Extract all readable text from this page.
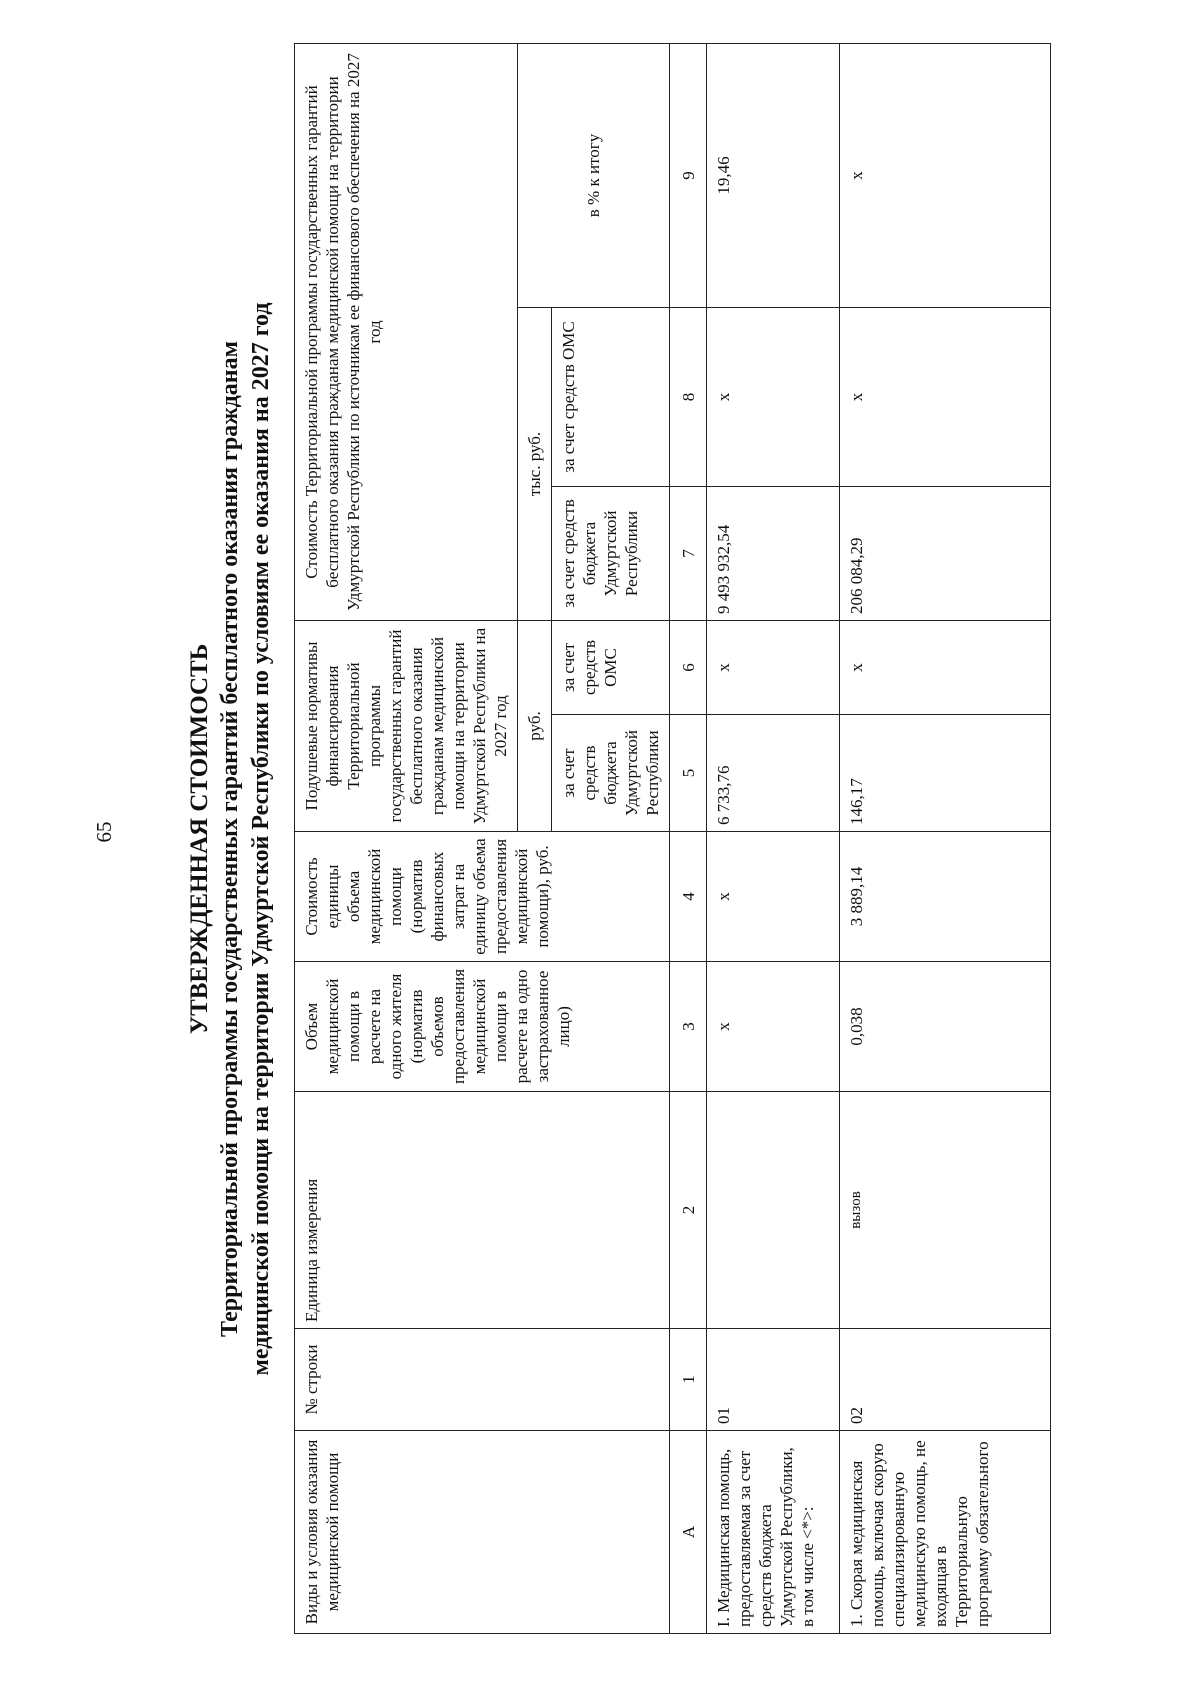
65	УТВЕРЖДЕННАЯ СТОИМОСТЬ Территориальной программы государственных гарантий бесплатного оказания гражданам медицинской помощи на территории Удмуртской Республики по условиям ее оказания на 2027 год
Виды и условия оказания медицинской помощи	№ строки	Единица измерения	Объем медицинской помощи в расчете на одного жителя (норматив объемов предоставления медицинской помощи в расчете на одно застрахованное лицо)	Стоимость единицы объема медицинской помощи (норматив финансовых затрат на единицу объема предоставления медицинской помощи), руб.	Подушевые нормативы финансирования Территориальной программы государственных гарантий бесплатного оказания гражданам медицинской помощи на территории Удмуртской Республики на 2027 год		Стоимость Территориальной программы государственных гарантий бесплатного оказания гражданам медицинской помощи на территории Удмуртской Республики по источникам ее финансового обеспечения на 2027 год		
					руб.		тыс. руб.		в % к итогу
					за счет средств бюджета Удмуртской Республики	за счет средств ОМС	за счет средств бюджета Удмуртской Республики	за счет средств ОМС	
А	1	2	3	4	5	6	7	8	9
I. Медицинская помощь, предоставляемая за счет средств бюджета Удмуртской Республики, в том числе <*>:	01		х	х	6 733,76	х	9 493 932,54	х	19,46
1. Скорая медицинская помощь, включая скорую специализированную медицинскую помощь, не входящая в Территориальную программу обязательного	02	вызов	0,038	3 889,14	146,17	х	206 084,29	х	х
